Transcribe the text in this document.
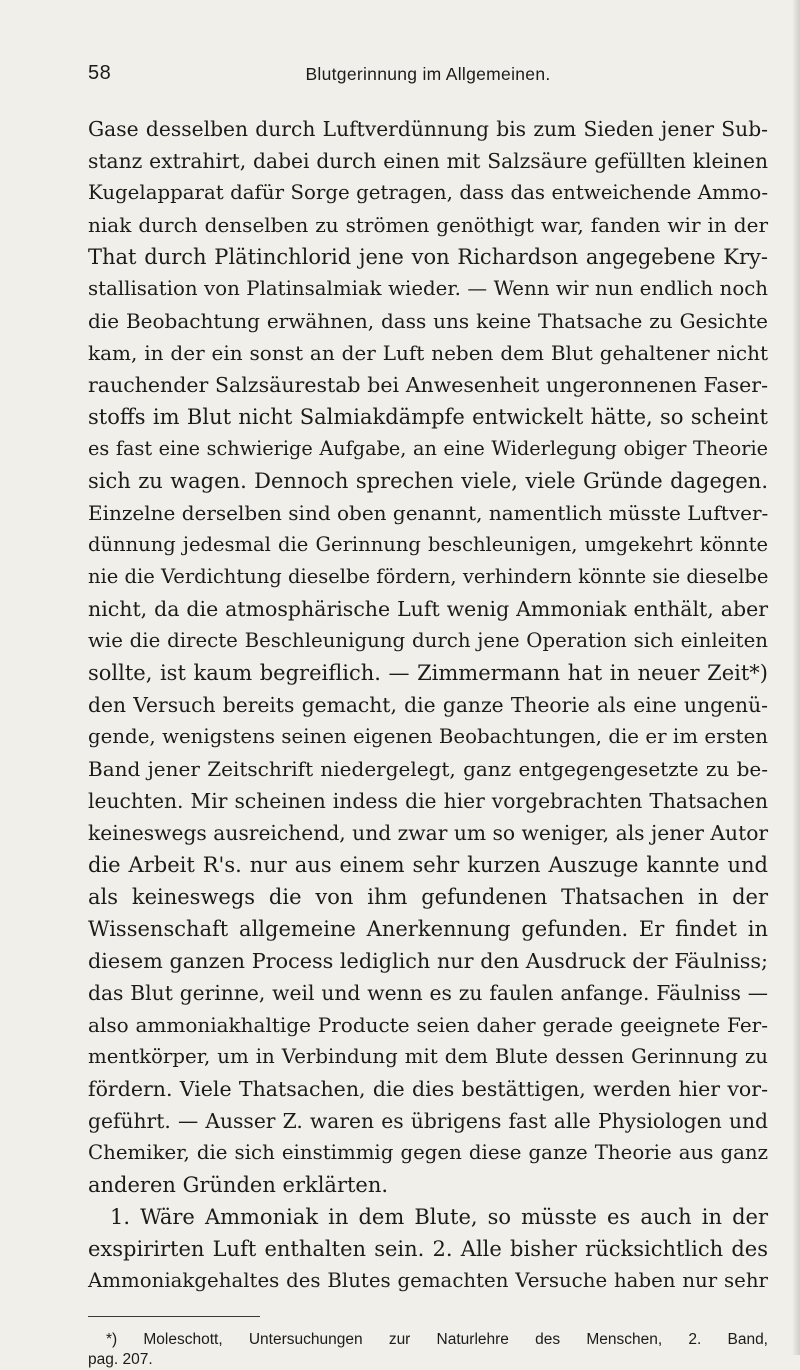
58	Blutgerinnung im Allgemeinen.
Gase desselben durch Luftverdünnung bis zum Sieden jener Sub-
stanz extrahirt, dabei durch einen mit Salzsäure gefüllten kleinen
Kugelapparat dafür Sorge getragen, dass das entweichende Ammo-
niak durch denselben zu strömen genöthigt war, fanden wir in der
That durch Plätinchlorid jene von Richardson angegebene Kry-
stallisation von Platinsalmiak wieder. — Wenn wir nun endlich noch
die Beobachtung erwähnen, dass uns keine Thatsache zu Gesichte
kam, in der ein sonst an der Luft neben dem Blut gehaltener nicht
rauchender Salzsäurestab bei Anwesenheit ungeronnenen Faser-
stoffs im Blut nicht Salmiakdämpfe entwickelt hätte, so scheint
es fast eine schwierige Aufgabe, an eine Widerlegung obiger Theorie
sich zu wagen. Dennoch sprechen viele, viele Gründe dagegen.
Einzelne derselben sind oben genannt, namentlich müsste Luftver-
dünnung jedesmal die Gerinnung beschleunigen, umgekehrt könnte
nie die Verdichtung dieselbe fördern, verhindern könnte sie dieselbe
nicht, da die atmosphärische Luft wenig Ammoniak enthält, aber
wie die directe Beschleunigung durch jene Operation sich einleiten
sollte, ist kaum begreiflich. — Zimmermann hat in neuer Zeit*)
den Versuch bereits gemacht, die ganze Theorie als eine ungenü-
gende, wenigstens seinen eigenen Beobachtungen, die er im ersten
Band jener Zeitschrift niedergelegt, ganz entgegengesetzte zu be-
leuchten. Mir scheinen indess die hier vorgebrachten Thatsachen
keineswegs ausreichend, und zwar um so weniger, als jener Autor
die Arbeit R's. nur aus einem sehr kurzen Auszuge kannte und
als keineswegs die von ihm gefundenen Thatsachen in der
Wissenschaft allgemeine Anerkennung gefunden. Er findet in
diesem ganzen Process lediglich nur den Ausdruck der Fäulniss;
das Blut gerinne, weil und wenn es zu faulen anfange. Fäulniss —
also ammoniakhaltige Producte seien daher gerade geeignete Fer-
mentkörper, um in Verbindung mit dem Blute dessen Gerinnung zu
fördern. Viele Thatsachen, die dies bestättigen, werden hier vor-
geführt. — Ausser Z. waren es übrigens fast alle Physiologen und
Chemiker, die sich einstimmig gegen diese ganze Theorie aus ganz
anderen Gründen erklärten.
1. Wäre Ammoniak in dem Blute, so müsste es auch in der
exspirirten Luft enthalten sein. 2. Alle bisher rücksichtlich des
Ammoniakgehaltes des Blutes gemachten Versuche haben nur sehr
*) Moleschott, Untersuchungen zur Naturlehre des Menschen, 2. Band,
pag. 207.
